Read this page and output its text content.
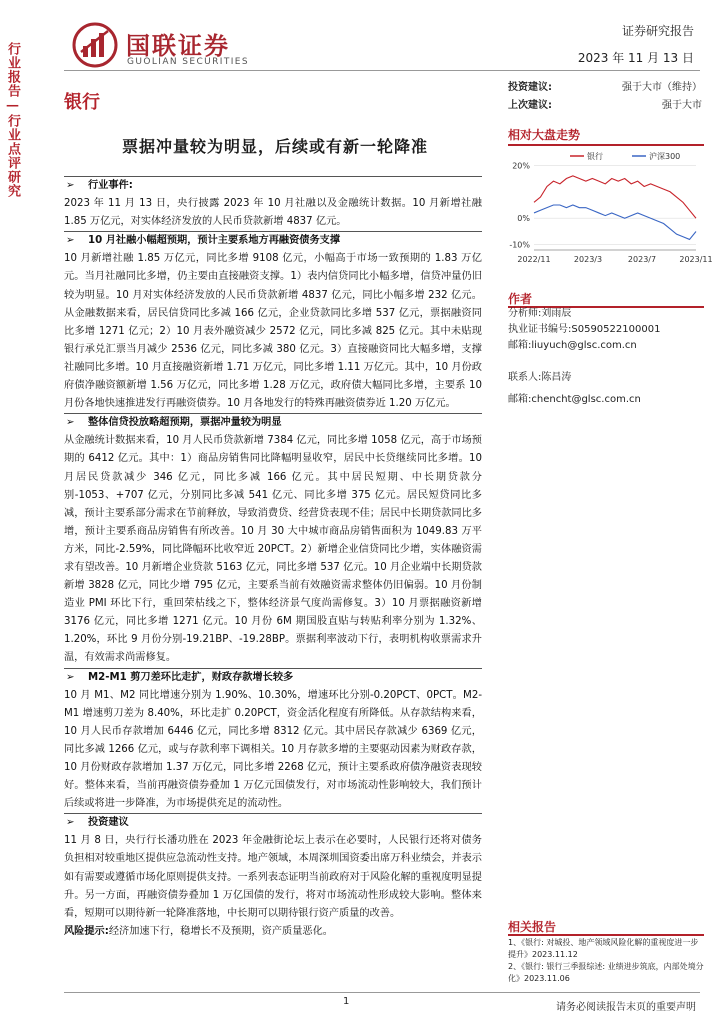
行业报告—行业点评研究	国联证券
GUOLIAN SECURITIES
证券研究报告
2023 年 11 月 13 日
银行
投资建议:	强于大市（维持）
上次建议:	强于大市
票据冲量较为明显，后续或有新一轮降准
➢ 行业事件:

2023 年 11 月 13 日，央行披露 2023 年 10 月社融以及金融统计数据。10 月新增社融 1.85 万亿元，对实体经济发放的人民币贷款新增 4837 亿元。

➢ 10 月社融小幅超预期，预计主要系地方再融资债务支撑

10 月新增社融 1.85 万亿元，同比多增 9108 亿元，小幅高于市场一致预期的 1.83 万亿元。当月社融同比多增，仍主要由直接融资支撑。1）表内信贷同比小幅多增，信贷冲量仍旧较为明显。10 月对实体经济发放的人民币贷款新增 4837 亿元，同比小幅多增 232 亿元。从金融数据来看，居民信贷同比多减 166 亿元，企业贷款同比多增 537 亿元，票据融资同比多增 1271 亿元；2）10 月表外融资减少 2572 亿元，同比多减 825 亿元。其中未贴现银行承兑汇票当月减少 2536 亿元，同比多减 380 亿元。3）直接融资同比大幅多增，支撑社融同比多增。10 月直接融资新增 1.71 万亿元，同比多增 1.11 万亿元。其中，10 月份政府债净融资额新增 1.56 万亿元，同比多增 1.28 万亿元，政府债大幅同比多增，主要系 10 月份各地快速推进发行再融资债券。10 月各地发行的特殊再融资债券近 1.20 万亿元。

➢ 整体信贷投放略超预期，票据冲量较为明显

从金融统计数据来看，10 月人民币贷款新增 7384 亿元，同比多增 1058 亿元，高于市场预期的 6412 亿元。其中：1）商品房销售同比降幅明显收窄，居民中长贷继续同比多增。10 月居民贷款减少 346 亿元，同比多减 166 亿元。其中居民短期、中长期贷款分别-1053、+707 亿元，分别同比多减 541 亿元、同比多增 375 亿元。居民短贷同比多减，预计主要系部分需求在节前释放，导致消费贷、经营贷表现不佳；居民中长期贷款同比多增，预计主要系商品房销售有所改善。10 月 30 大中城市商品房销售面积为 1049.83 万平方米，同比-2.59%，同比降幅环比收窄近 20PCT。2）新增企业信贷同比少增，实体融资需求有望改善。10 月新增企业贷款 5163 亿元，同比多增 537 亿元。10 月企业端中长期贷款新增 3828 亿元，同比少增 795 亿元，主要系当前有效融资需求整体仍旧偏弱。10 月份制造业 PMI 环比下行，重回荣枯线之下，整体经济景气度尚需修复。3）10 月票据融资新增 3176 亿元，同比多增 1271 亿元。10 月份 6M 期国股直贴与转贴利率分别为 1.32%、1.20%，环比 9 月份分别-19.21BP、-19.28BP。票据利率波动下行，表明机构收票需求升温，有效需求尚需修复。

➢ M2-M1 剪刀差环比走扩，财政存款增长较多

10 月 M1、M2 同比增速分别为 1.90%、10.30%，增速环比分别-0.20PCT、0PCT。M2-M1 增速剪刀差为 8.40%，环比走扩 0.20PCT，资金活化程度有所降低。从存款结构来看，10 月人民币存款增加 6446 亿元，同比多增 8312 亿元。其中居民存款减少 6369 亿元，同比多减 1266 亿元，或与存款利率下调相关。10 月存款多增的主要驱动因素为财政存款，10 月份财政存款增加 1.37 万亿元，同比多增 2268 亿元，预计主要系政府债净融资表现较好。整体来看，当前再融资债券叠加 1 万亿元国债发行，对市场流动性影响较大，我们预计后续或将进一步降准，为市场提供充足的流动性。

➢ 投资建议

11 月 8 日，央行行长潘功胜在 2023 年金融街论坛上表示在必要时，人民银行还将对债务负担相对较重地区提供应急流动性支持。地产领域，本周深圳国资委出席万科业绩会，并表示如有需要或遵循市场化原则提供支持。一系列表态证明当前政府对于风险化解的重视度明显提升。另一方面，再融资债券叠加 1 万亿国债的发行，将对市场流动性形成较大影响。整体来看，短期可以期待新一轮降准落地，中长期可以期待银行资产质量的改善。

风险提示:经济加速下行，稳增长不及预期，资产质量恶化。

相对大盘走势
20%
0%
-10%
2022/11	2023/3	2023/7	2023/11
银行	沪深300
作者
分析师:刘雨辰
执业证书编号:S0590522100001
邮箱:liuyuch@glsc.com.cn
联系人:陈昌涛
邮箱:chencht@glsc.com.cn
相关报告
1、《银行: 对城投、地产领域风险化解的重视度进一步提升》2023.11.12
2、《银行: 银行三季报综述: 业绩进步筑底，内部处境分化》2023.11.06
1
请务必阅读报告末页的重要声明
